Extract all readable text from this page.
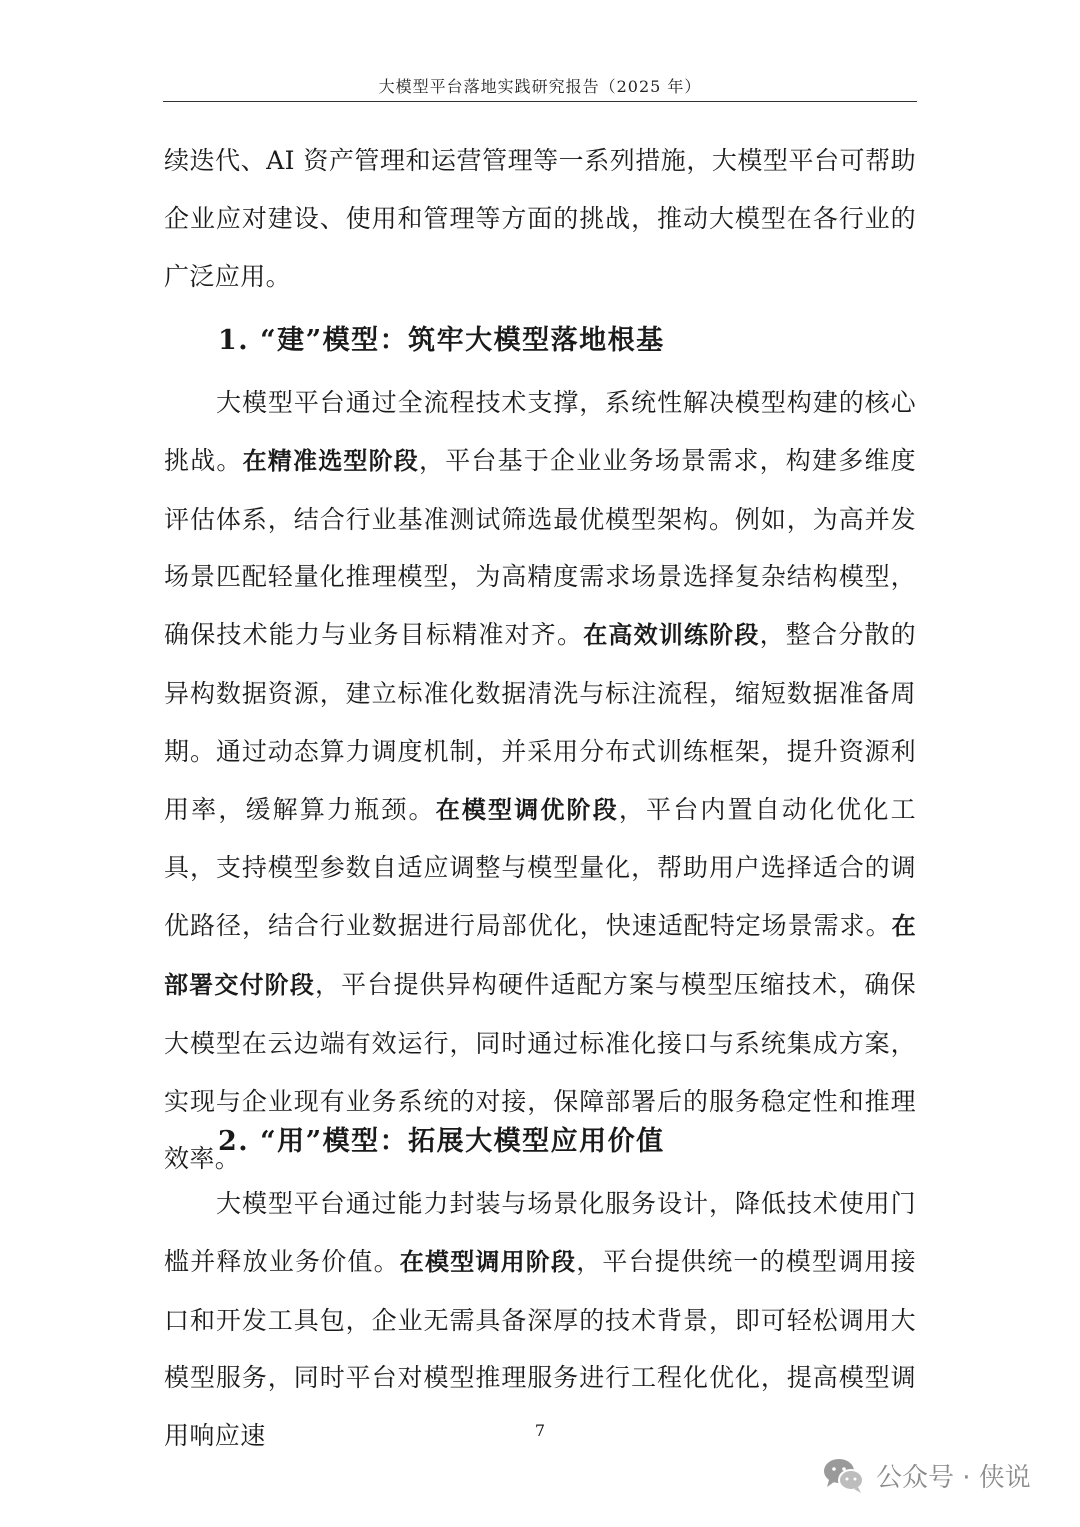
大模型平台落地实践研究报告（2025 年）

续迭代、AI 资产管理和运营管理等一系列措施，大模型平台可帮助企业应对建设、使用和管理等方面的挑战，推动大模型在各行业的广泛应用。

1. “建”模型：筑牢大模型落地根基

大模型平台通过全流程技术支撑，系统性解决模型构建的核心挑战。在精准选型阶段，平台基于企业业务场景需求，构建多维度评估体系，结合行业基准测试筛选最优模型架构。例如，为高并发场景匹配轻量化推理模型，为高精度需求场景选择复杂结构模型，确保技术能力与业务目标精准对齐。在高效训练阶段，整合分散的异构数据资源，建立标准化数据清洗与标注流程，缩短数据准备周期。通过动态算力调度机制，并采用分布式训练框架，提升资源利用率，缓解算力瓶颈。在模型调优阶段，平台内置自动化优化工具，支持模型参数自适应调整与模型量化，帮助用户选择适合的调优路径，结合行业数据进行局部优化，快速适配特定场景需求。在部署交付阶段，平台提供异构硬件适配方案与模型压缩技术，确保大模型在云边端有效运行，同时通过标准化接口与系统集成方案，实现与企业现有业务系统的对接，保障部署后的服务稳定性和推理效率。

2. “用”模型：拓展大模型应用价值

大模型平台通过能力封装与场景化服务设计，降低技术使用门槛并释放业务价值。在模型调用阶段，平台提供统一的模型调用接口和开发工具包，企业无需具备深厚的技术背景，即可轻松调用大模型服务，同时平台对模型推理服务进行工程化优化，提高模型调用响应速	7
公众号 · 侠说
